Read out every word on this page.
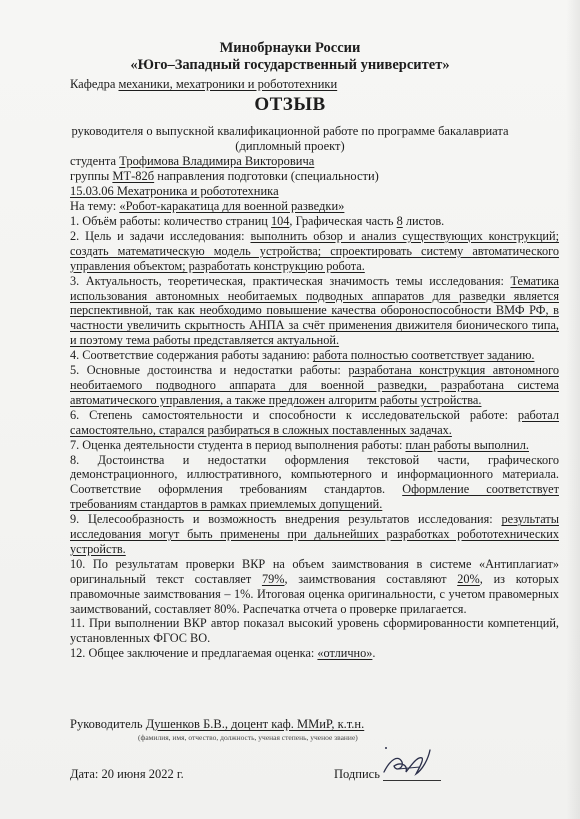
Минобрнауки России
«Юго–Западный государственный университет»
Кафедра механики, мехатроники и робототехники
ОТЗЫВ
руководителя о выпускной квалификационной работе по программе бакалавриата
(дипломный проект)
студента Трофимова Владимира Викторовича
группы МТ-82б направления подготовки (специальности)
15.03.06 Мехатроника и робототехника
На тему: «Робот-каракатица для военной разведки»

1. Объём работы: количество страниц 104, Графическая часть 8 листов.

2. Цель и задачи исследования: выполнить обзор и анализ существующих конструкций; создать математическую модель устройства; спроектировать систему автоматического управления объектом; разработать конструкцию робота.

3. Актуальность, теоретическая, практическая значимость темы исследования: Тематика использования автономных необитаемых подводных аппаратов для разведки является перспективной, так как необходимо повышение качества обороноспособности ВМФ РФ, в частности увеличить скрытность АНПА за счёт применения движителя бионического типа, и поэтому тема работы представляется актуальной.

4. Соответствие содержания работы заданию: работа полностью соответствует заданию.

5. Основные достоинства и недостатки работы: разработана конструкция автономного необитаемого подводного аппарата для военной разведки, разработана система автоматического управления, а также предложен алгоритм работы устройства.

6. Степень самостоятельности и способности к исследовательской работе: работал самостоятельно, старался разбираться в сложных поставленных задачах.

7. Оценка деятельности студента в период выполнения работы: план работы выполнил.

8. Достоинства и недостатки оформления текстовой части, графического демонстрационного, иллюстративного, компьютерного и информационного материала. Соответствие оформления требованиям стандартов. Оформление соответствует требованиям стандартов в рамках приемлемых допущений.

9. Целесообразность и возможность внедрения результатов исследования: результаты исследования могут быть применены при дальнейших разработках робототехнических устройств.

10. По результатам проверки ВКР на объем заимствования в системе «Антиплагиат» оригинальный текст составляет 79%, заимствования составляют 20%, из которых правомочные заимствования – 1%. Итоговая оценка оригинальности, с учетом правомерных заимствований, составляет 80%. Распечатка отчета о проверке прилагается.

11. При выполнении ВКР автор показал высокий уровень сформированности компетенций, установленных ФГОС ВО.

12. Общее заключение и предлагаемая оценка: «отлично».

Руководитель Душенков Б.В., доцент каф. ММиР, к.т.н.
(фамилия, имя, отчество, должность, ученая степень, ученое звание)
Дата: 20 июня 2022 г.	Подпись
